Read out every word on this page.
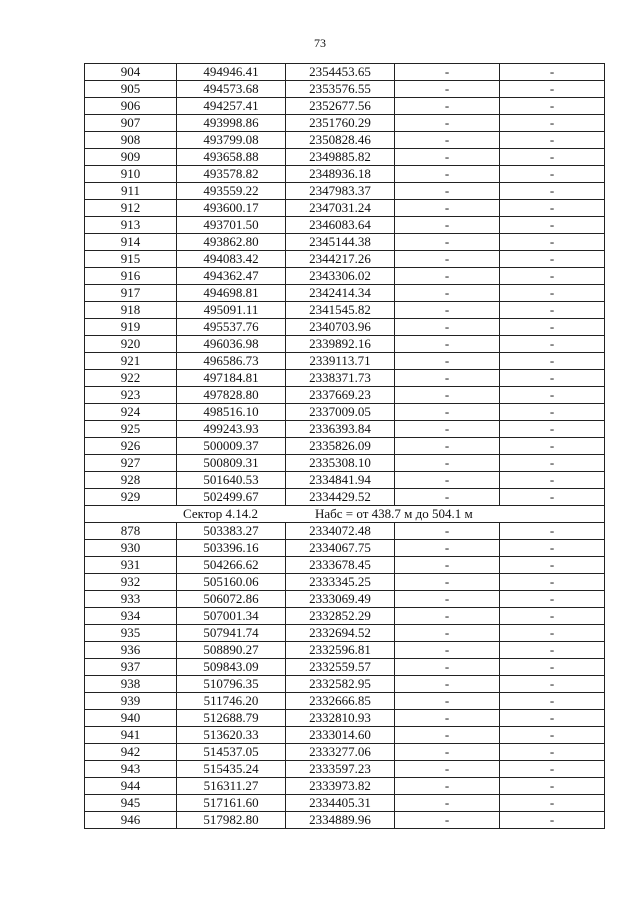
73
904	494946.41	2354453.65	-	-
905	494573.68	2353576.55	-	-
906	494257.41	2352677.56	-	-
907	493998.86	2351760.29	-	-
908	493799.08	2350828.46	-	-
909	493658.88	2349885.82	-	-
910	493578.82	2348936.18	-	-
911	493559.22	2347983.37	-	-
912	493600.17	2347031.24	-	-
913	493701.50	2346083.64	-	-
914	493862.80	2345144.38	-	-
915	494083.42	2344217.26	-	-
916	494362.47	2343306.02	-	-
917	494698.81	2342414.34	-	-
918	495091.11	2341545.82	-	-
919	495537.76	2340703.96	-	-
920	496036.98	2339892.16	-	-
921	496586.73	2339113.71	-	-
922	497184.81	2338371.73	-	-
923	497828.80	2337669.23	-	-
924	498516.10	2337009.05	-	-
925	499243.93	2336393.84	-	-
926	500009.37	2335826.09	-	-
927	500809.31	2335308.10	-	-
928	501640.53	2334841.94	-	-
929	502499.67	2334429.52	-	-

Сектор 4.14.2 Набс = от 438.7 м до 504.1 м				

878	503383.27	2334072.48	-	-
930	503396.16	2334067.75	-	-
931	504266.62	2333678.45	-	-
932	505160.06	2333345.25	-	-
933	506072.86	2333069.49	-	-
934	507001.34	2332852.29	-	-
935	507941.74	2332694.52	-	-
936	508890.27	2332596.81	-	-
937	509843.09	2332559.57	-	-
938	510796.35	2332582.95	-	-
939	511746.20	2332666.85	-	-
940	512688.79	2332810.93	-	-
941	513620.33	2333014.60	-	-
942	514537.05	2333277.06	-	-
943	515435.24	2333597.23	-	-
944	516311.27	2333973.82	-	-
945	517161.60	2334405.31	-	-
946	517982.80	2334889.96	-	-
